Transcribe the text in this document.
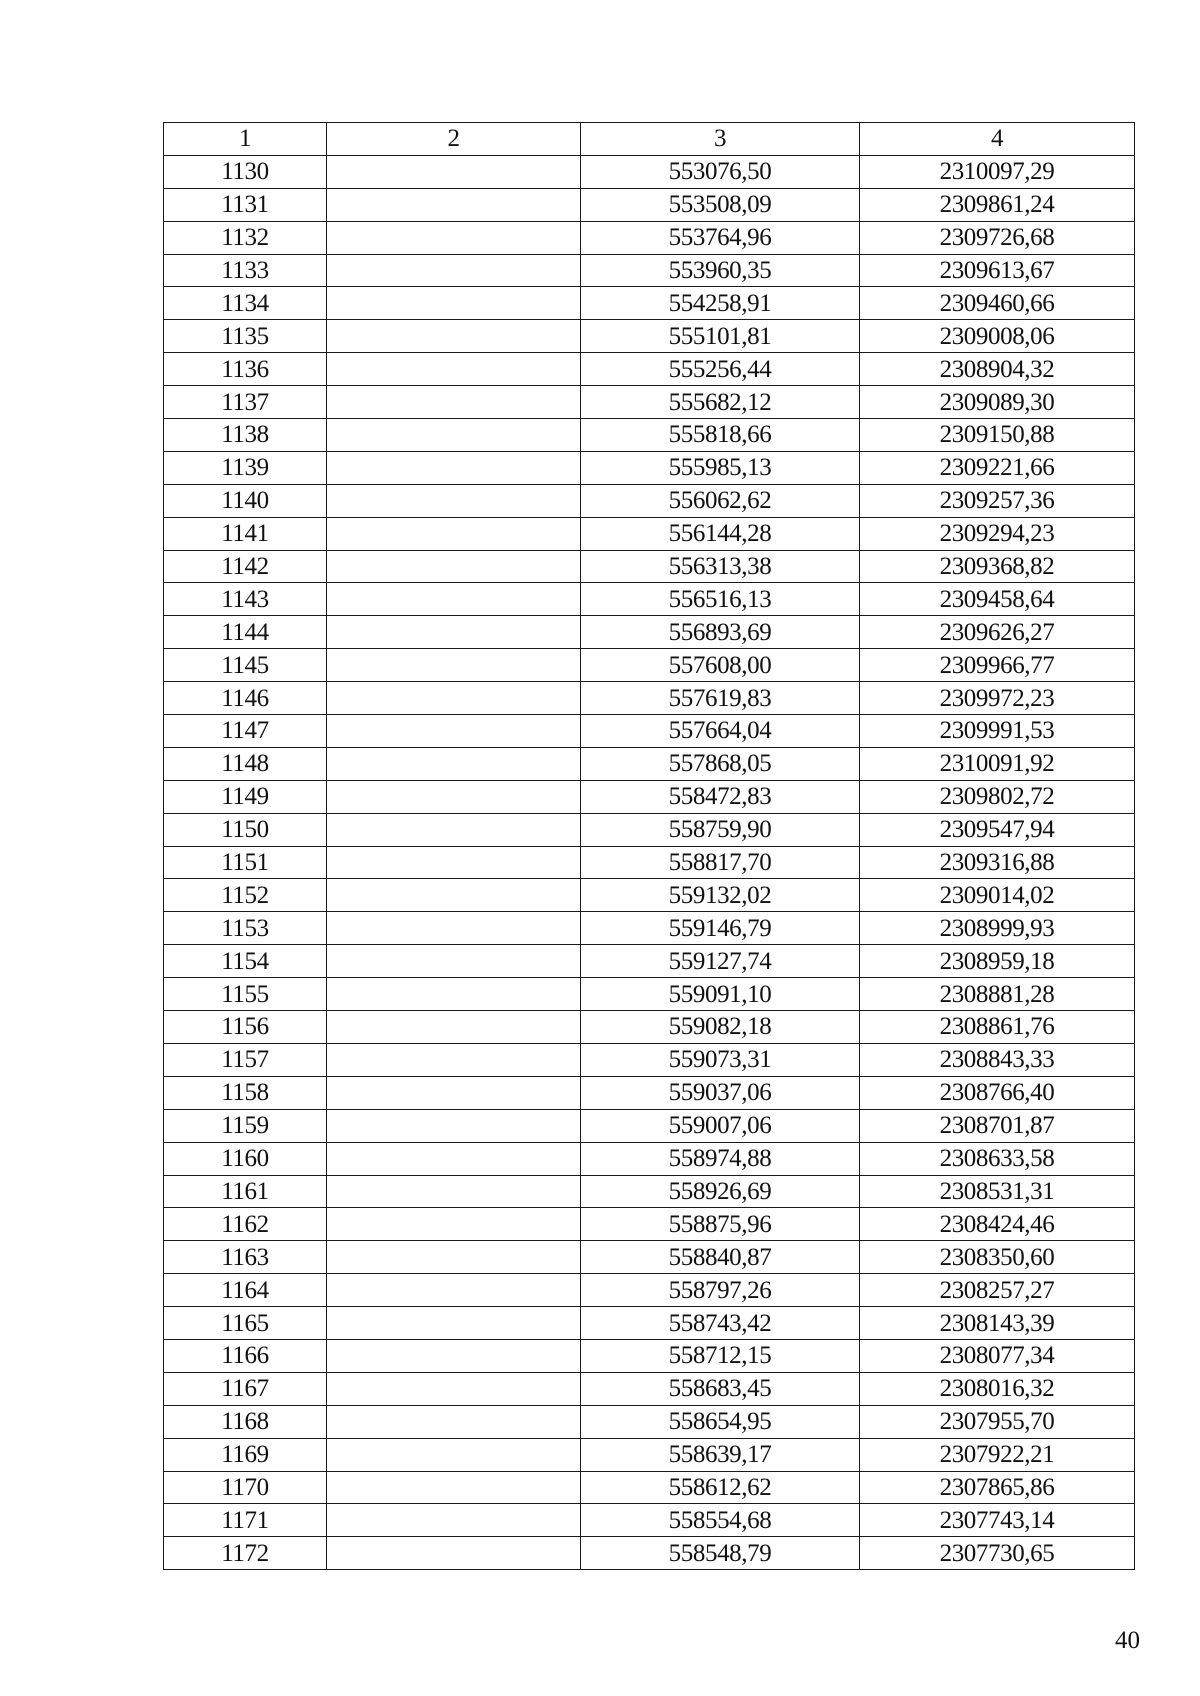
1	2	3	4
1130		553076,50	2310097,29
1131		553508,09	2309861,24
1132		553764,96	2309726,68
1133		553960,35	2309613,67
1134		554258,91	2309460,66
1135		555101,81	2309008,06
1136		555256,44	2308904,32
1137		555682,12	2309089,30
1138		555818,66	2309150,88
1139		555985,13	2309221,66
1140		556062,62	2309257,36
1141		556144,28	2309294,23
1142		556313,38	2309368,82
1143		556516,13	2309458,64
1144		556893,69	2309626,27
1145		557608,00	2309966,77
1146		557619,83	2309972,23
1147		557664,04	2309991,53
1148		557868,05	2310091,92
1149		558472,83	2309802,72
1150		558759,90	2309547,94
1151		558817,70	2309316,88
1152		559132,02	2309014,02
1153		559146,79	2308999,93
1154		559127,74	2308959,18
1155		559091,10	2308881,28
1156		559082,18	2308861,76
1157		559073,31	2308843,33
1158		559037,06	2308766,40
1159		559007,06	2308701,87
1160		558974,88	2308633,58
1161		558926,69	2308531,31
1162		558875,96	2308424,46
1163		558840,87	2308350,60
1164		558797,26	2308257,27
1165		558743,42	2308143,39
1166		558712,15	2308077,34
1167		558683,45	2308016,32
1168		558654,95	2307955,70
1169		558639,17	2307922,21
1170		558612,62	2307865,86
1171		558554,68	2307743,14
1172		558548,79	2307730,65
40
